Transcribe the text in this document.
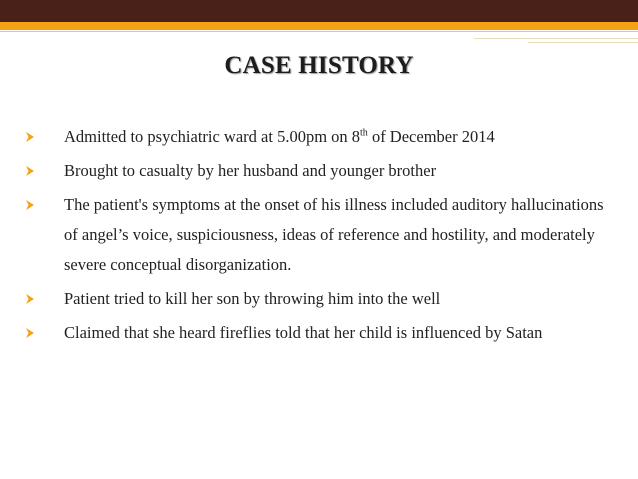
CASE HISTORY
Admitted to psychiatric ward at 5.00pm on 8th of December 2014
Brought to casualty by her husband and younger brother
The patient's symptoms at the onset of his illness included auditory hallucinations of angel’s voice, suspiciousness, ideas of reference and hostility, and moderately severe conceptual disorganization.
Patient tried to kill her son by throwing him into the well
Claimed that she heard fireflies told that her child is influenced by Satan
